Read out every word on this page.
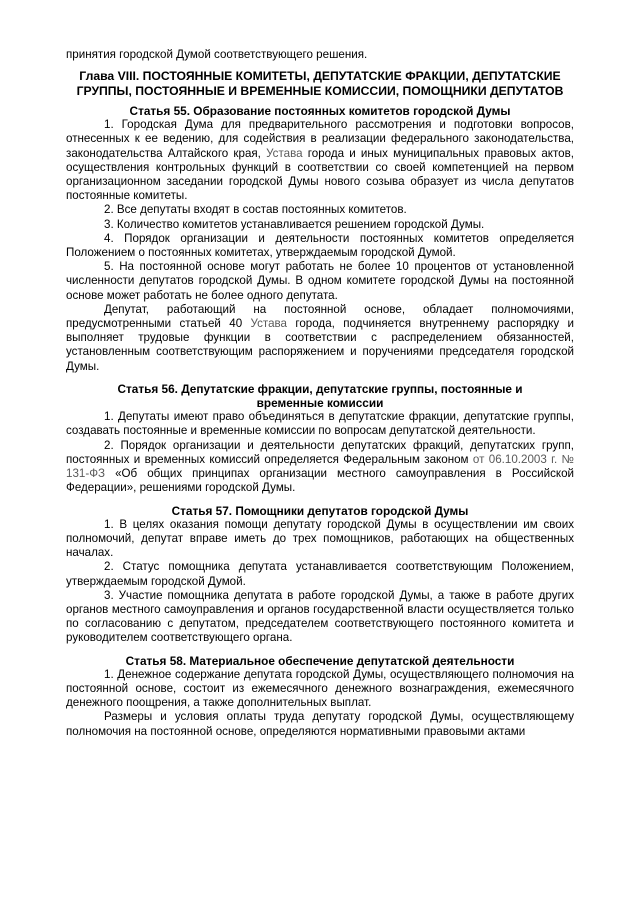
принятия городской Думой соответствующего решения.

Глава VIII. ПОСТОЯННЫЕ КОМИТЕТЫ, ДЕПУТАТСКИЕ ФРАКЦИИ, ДЕПУТАТСКИЕ ГРУППЫ, ПОСТОЯННЫЕ И ВРЕМЕННЫЕ КОМИССИИ, ПОМОЩНИКИ ДЕПУТАТОВ
Статья 55. Образование постоянных комитетов городской Думы

1. Городская Дума для предварительного рассмотрения и подготовки вопросов, отнесенных к ее ведению, для содействия в реализации федерального законодательства, законодательства Алтайского края, Устава города и иных муниципальных правовых актов, осуществления контрольных функций в соответствии со своей компетенцией на первом организационном заседании городской Думы нового созыва образует из числа депутатов постоянные комитеты.

2. Все депутаты входят в состав постоянных комитетов.

3. Количество комитетов устанавливается решением городской Думы.

4. Порядок организации и деятельности постоянных комитетов определяется Положением о постоянных комитетах, утверждаемым городской Думой.

5. На постоянной основе могут работать не более 10 процентов от установленной численности депутатов городской Думы. В одном комитете городской Думы на постоянной основе может работать не более одного депутата.

Депутат, работающий на постоянной основе, обладает полномочиями, предусмотренными статьей 40 Устава города, подчиняется внутреннему распорядку и выполняет трудовые функции в соответствии с распределением обязанностей, установленным соответствующим распоряжением и поручениями председателя городской Думы.

Статья 56. Депутатские фракции, депутатские группы, постоянные и временные комиссии

1. Депутаты имеют право объединяться в депутатские фракции, депутатские группы, создавать постоянные и временные комиссии по вопросам депутатской деятельности.

2. Порядок организации и деятельности депутатских фракций, депутатских групп, постоянных и временных комиссий определяется Федеральным законом от 06.10.2003 г. № 131-ФЗ «Об общих принципах организации местного самоуправления в Российской Федерации», решениями городской Думы.

Статья 57. Помощники депутатов городской Думы

1. В целях оказания помощи депутату городской Думы в осуществлении им своих полномочий, депутат вправе иметь до трех помощников, работающих на общественных началах.

2. Статус помощника депутата устанавливается соответствующим Положением, утверждаемым городской Думой.

3. Участие помощника депутата в работе городской Думы, а также в работе других органов местного самоуправления и органов государственной власти осуществляется только по согласованию с депутатом, председателем соответствующего постоянного комитета и руководителем соответствующего органа.

Статья 58. Материальное обеспечение депутатской деятельности

1. Денежное содержание депутата городской Думы, осуществляющего полномочия на постоянной основе, состоит из ежемесячного денежного вознаграждения, ежемесячного денежного поощрения, а также дополнительных выплат.

Размеры и условия оплаты труда депутату городской Думы, осуществляющему полномочия на постоянной основе, определяются нормативными правовыми актами
